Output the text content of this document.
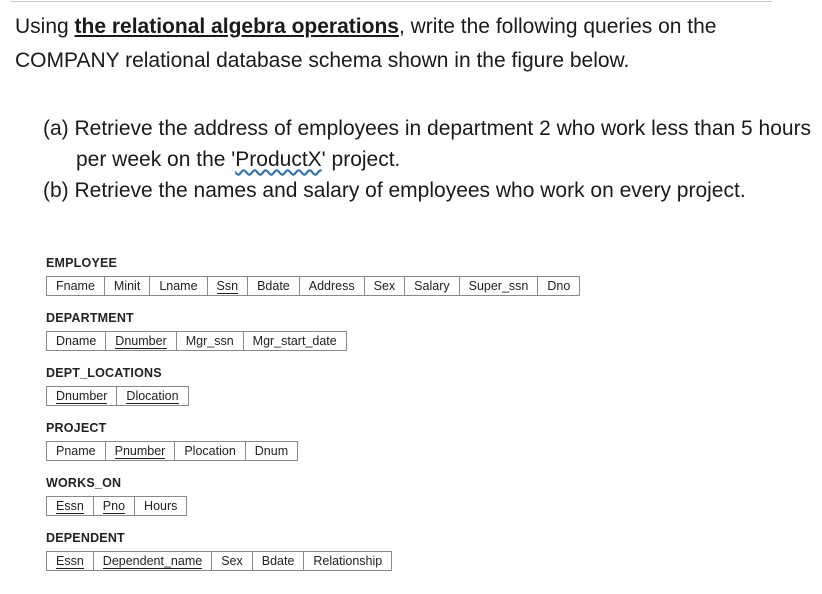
Using the relational algebra operations, write the following queries on the COMPANY relational database schema shown in the figure below.
(a) Retrieve the address of employees in department 2 who work less than 5 hours per week on the 'ProductX' project.
(b) Retrieve the names and salary of employees who work on every project.
EMPLOYEE
Fname	Minit	Lname	Ssn	Bdate	Address	Sex	Salary	Super_ssn	Dno
DEPARTMENT
Dname	Dnumber	Mgr_ssn	Mgr_start_date
DEPT_LOCATIONS
Dnumber	Dlocation
PROJECT
Pname	Pnumber	Plocation	Dnum
WORKS_ON
Essn	Pno	Hours
DEPENDENT
Essn	Dependent_name	Sex	Bdate	Relationship
